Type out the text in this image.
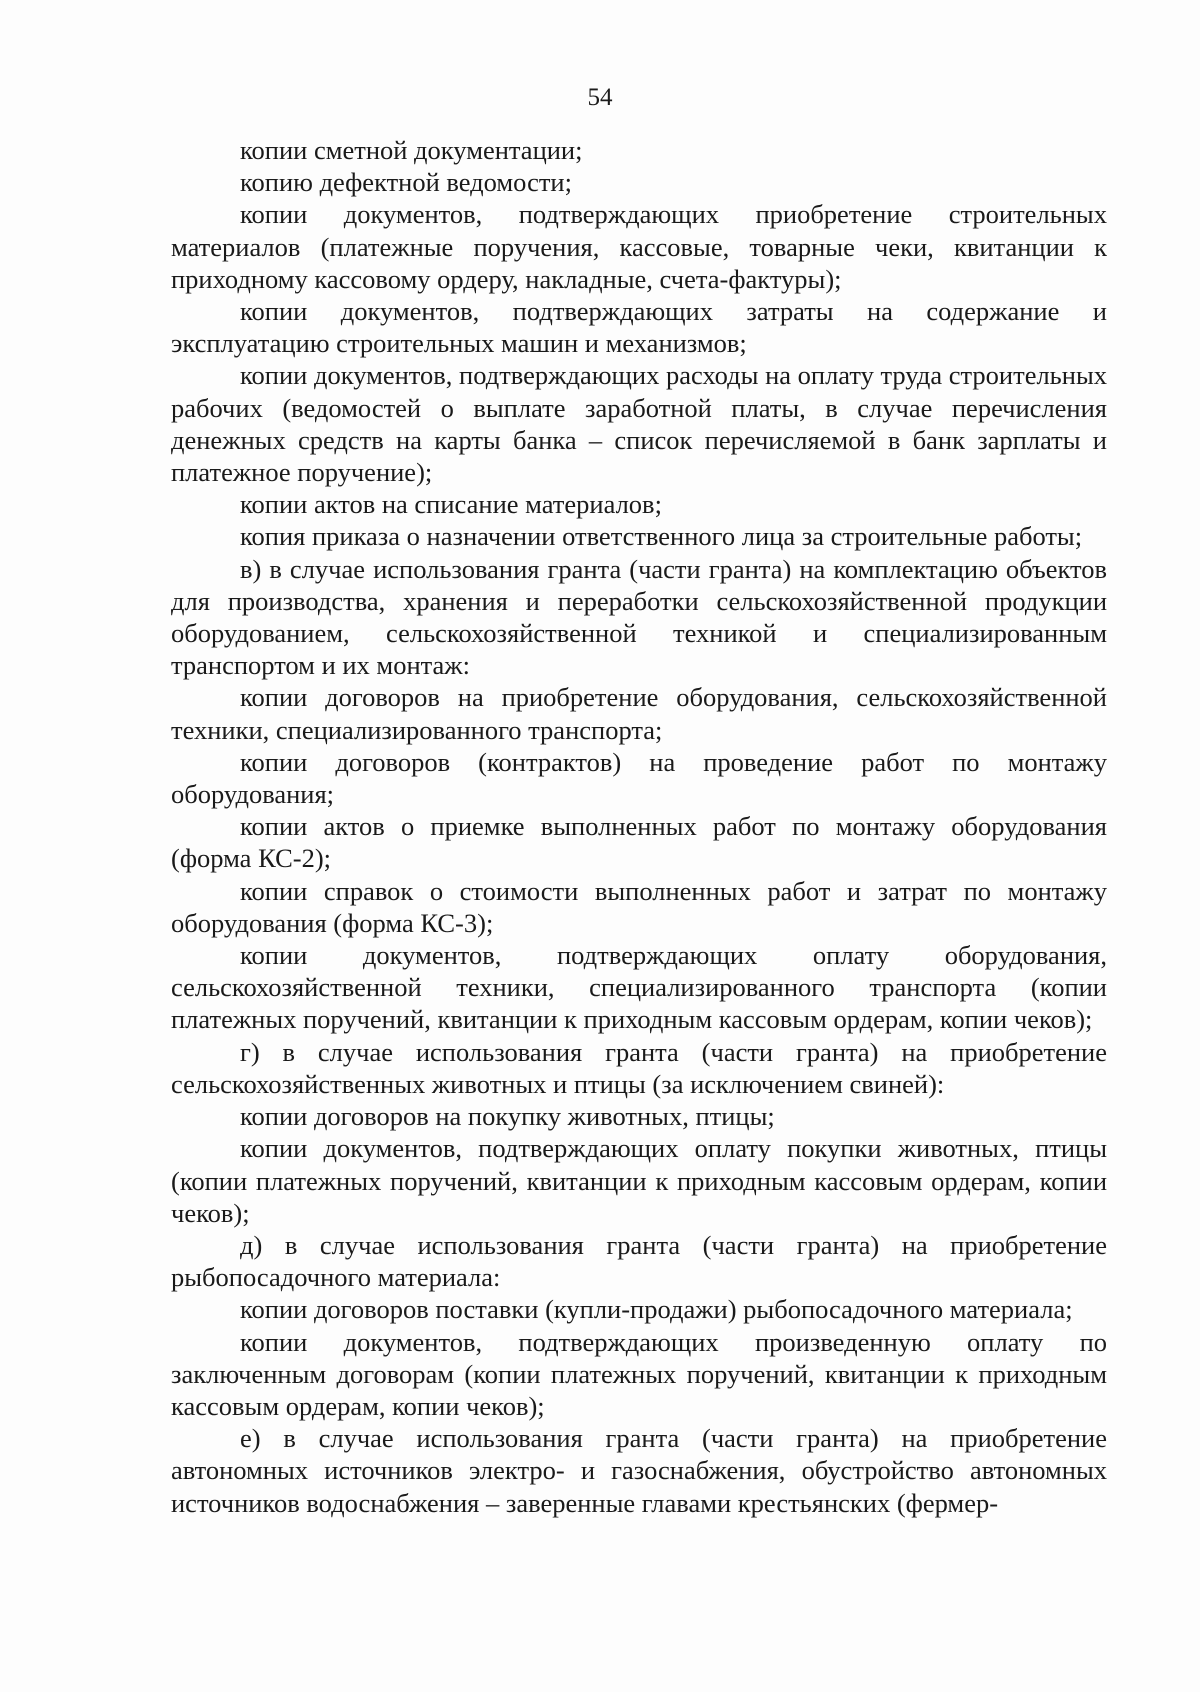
54

копии сметной документации;

копию дефектной ведомости;

копии документов, подтверждающих приобретение строительных материалов (платежные поручения, кассовые, товарные чеки, квитанции к приходному кассовому ордеру, накладные, счета-фактуры);

копии документов, подтверждающих затраты на содержание и эксплуатацию строительных машин и механизмов;

копии документов, подтверждающих расходы на оплату труда строительных рабочих (ведомостей о выплате заработной платы, в случае перечисления денежных средств на карты банка – список перечисляемой в банк зарплаты и платежное поручение);

копии актов на списание материалов;

копия приказа о назначении ответственного лица за строительные работы;

в) в случае использования гранта (части гранта) на комплектацию объектов для производства, хранения и переработки сельскохозяйственной продукции оборудованием, сельскохозяйственной техникой и специализированным транспортом и их монтаж:

копии договоров на приобретение оборудования, сельскохозяйственной техники, специализированного транспорта;

копии договоров (контрактов) на проведение работ по монтажу оборудования;

копии актов о приемке выполненных работ по монтажу оборудования (форма КС-2);

копии справок о стоимости выполненных работ и затрат по монтажу оборудования (форма КС-3);

копии документов, подтверждающих оплату оборудования, сельскохозяйственной техники, специализированного транспорта (копии платежных поручений, квитанции к приходным кассовым ордерам, копии чеков);

г) в случае использования гранта (части гранта) на приобретение сельскохозяйственных животных и птицы (за исключением свиней):

копии договоров на покупку животных, птицы;

копии документов, подтверждающих оплату покупки животных, птицы (копии платежных поручений, квитанции к приходным кассовым ордерам, копии чеков);

д) в случае использования гранта (части гранта) на приобретение рыбопосадочного материала:

копии договоров поставки (купли-продажи) рыбопосадочного материала;

копии документов, подтверждающих произведенную оплату по заключенным договорам (копии платежных поручений, квитанции к приходным кассовым ордерам, копии чеков);

е) в случае использования гранта (части гранта) на приобретение автономных источников электро- и газоснабжения, обустройство автономных источников водоснабжения – заверенные главами крестьянских (фермер-
